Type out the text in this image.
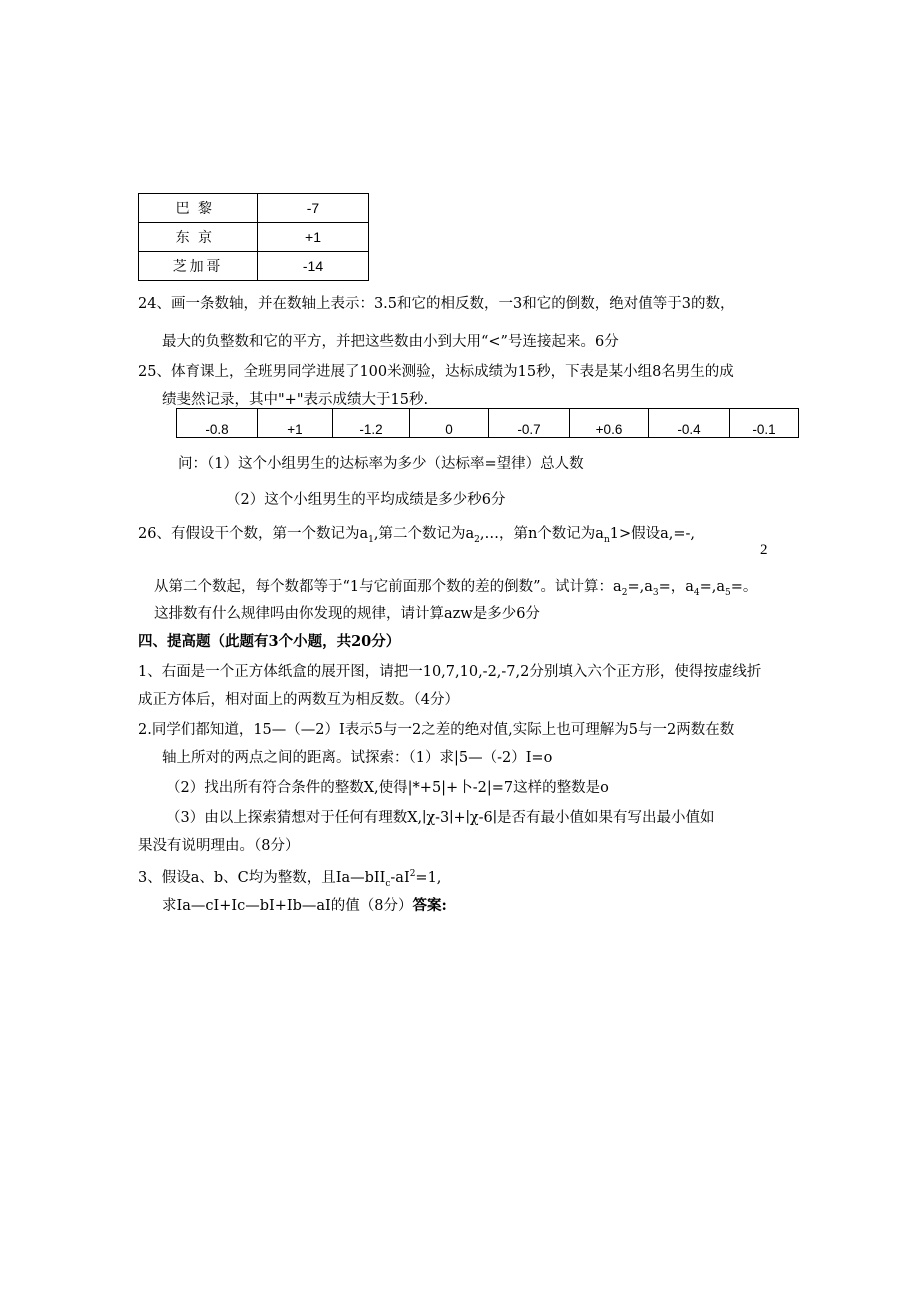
巴黎	-7
东京	+1
芝加哥	-14
24、画一条数轴，并在数轴上表示：3.5和它的相反数，一3和它的倒数，绝对值等于3的数，
最大的负整数和它的平方，并把这些数由小到大用“<”号连接起来。6分
25、体育课上，全班男同学进展了100米测验，达标成绩为15秒，下表是某小组8名男生的成
绩斐然记录，其中"+"表示成绩大于15秒.
-0.8	+1	-1.2	0	-0.7	+0.6	-0.4	-0.1
问：（1）这个小组男生的达标率为多少（达标率=望律）总人数
（2）这个小组男生的平均成绩是多少秒6分
26、有假设干个数，第一个数记为$a_1$,第二个数记为$a_2,\dots$，第n个数记为$a_n1>$假设a,=-,
2
从第二个数起，每个数都等于“1与它前面那个数的差的倒数”。试计算：$a_2=,a_3=$，$a_4=,a_5=$。
这排数有什么规律吗由你发现的规律，请计算azw是多少6分
四、提高题（此题有3个小题，共20分）
1、右面是一个正方体纸盒的展开图，请把一10,7,10,-2,-7,2分别填入六个正方形，使得按虚线折
成正方体后，相对面上的两数互为相反数。（4分）
2.同学们都知道，15—（—2）I表示5与一2之差的绝对值,实际上也可理解为5与一2两数在数
轴上所对的两点之间的距离。试探索：（1）求|5—（-2）I=o
（2）找出所有符合条件的整数X,使得|*+5|+卜-2|=7这样的整数是o
（3）由以上探索猜想对于任何有理数X,∣χ-3∣+∣χ-6∣是否有最小值如果有写出最小值如
果没有说明理由。（8分）
3、假设a、b、C均为整数，且$Ia—bII_c-aI^2=1$,
求Ia—cI+Ic—bI+Ib—aI的值（8分）答案:
